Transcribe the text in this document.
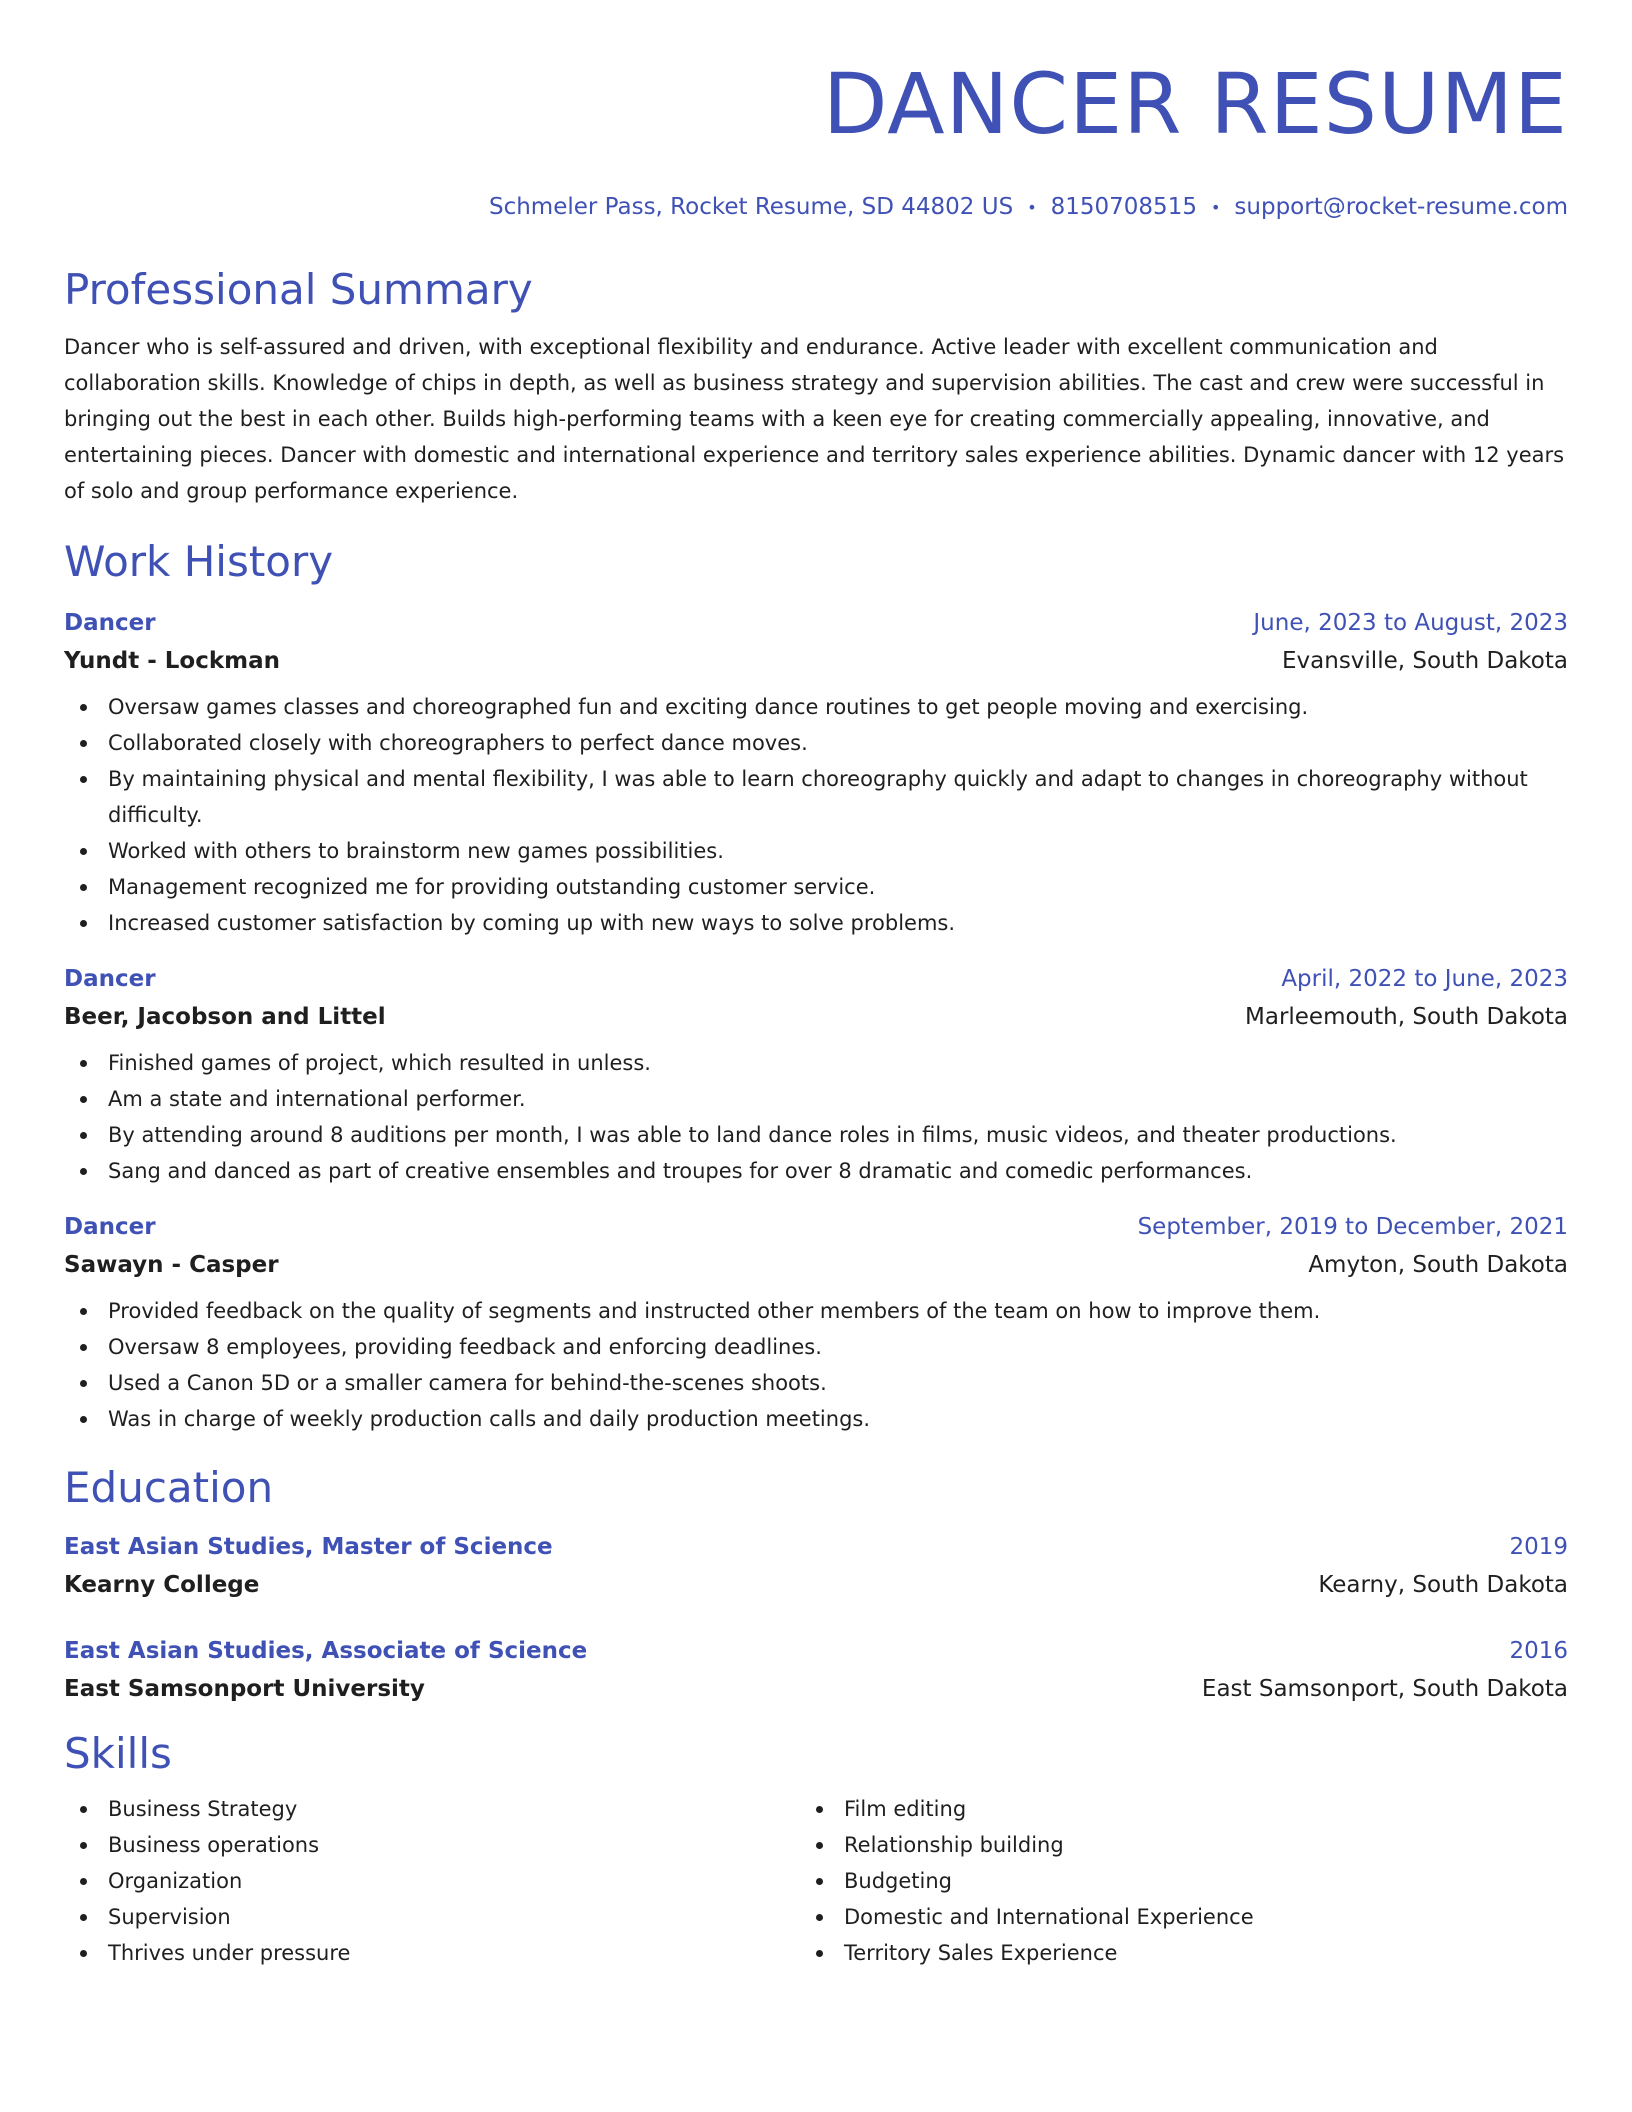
DANCER RESUME
Schmeler Pass, Rocket Resume, SD 44802 US • 8150708515 • support@rocket-resume.com
Professional Summary
Dancer who is self-assured and driven, with exceptional flexibility and endurance. Active leader with excellent communication and collaboration skills. Knowledge of chips in depth, as well as business strategy and supervision abilities. The cast and crew were successful in bringing out the best in each other. Builds high-performing teams with a keen eye for creating commercially appealing, innovative, and entertaining pieces. Dancer with domestic and international experience and territory sales experience abilities. Dynamic dancer with 12 years of solo and group performance experience.
Work History
Dancer	June, 2023 to August, 2023
Yundt - Lockman	Evansville, South Dakota
Oversaw games classes and choreographed fun and exciting dance routines to get people moving and exercising.
Collaborated closely with choreographers to perfect dance moves.
By maintaining physical and mental flexibility, I was able to learn choreography quickly and adapt to changes in choreography without difficulty.
Worked with others to brainstorm new games possibilities.
Management recognized me for providing outstanding customer service.
Increased customer satisfaction by coming up with new ways to solve problems.
Dancer	April, 2022 to June, 2023
Beer, Jacobson and Littel	Marleemouth, South Dakota
Finished games of project, which resulted in unless.
Am a state and international performer.
By attending around 8 auditions per month, I was able to land dance roles in films, music videos, and theater productions.
Sang and danced as part of creative ensembles and troupes for over 8 dramatic and comedic performances.
Dancer	September, 2019 to December, 2021
Sawayn - Casper	Amyton, South Dakota
Provided feedback on the quality of segments and instructed other members of the team on how to improve them.
Oversaw 8 employees, providing feedback and enforcing deadlines.
Used a Canon 5D or a smaller camera for behind-the-scenes shoots.
Was in charge of weekly production calls and daily production meetings.
Education
East Asian Studies, Master of Science	2019
Kearny College	Kearny, South Dakota
East Asian Studies, Associate of Science	2016
East Samsonport University	East Samsonport, South Dakota
Skills
Business Strategy
Business operations
Organization
Supervision
Thrives under pressure
Film editing
Relationship building
Budgeting
Domestic and International Experience
Territory Sales Experience
